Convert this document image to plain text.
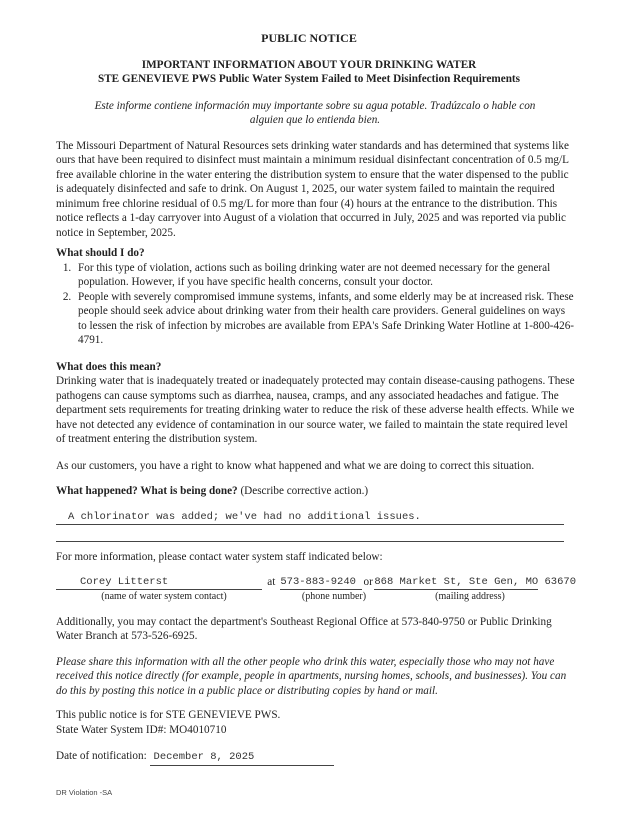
PUBLIC NOTICE
IMPORTANT INFORMATION ABOUT YOUR DRINKING WATER
STE GENEVIEVE PWS Public Water System Failed to Meet Disinfection Requirements

Este informe contiene información muy importante sobre su agua potable. Tradúzcalo o hable con alguien que lo entienda bien.

The Missouri Department of Natural Resources sets drinking water standards and has determined that systems like ours that have been required to disinfect must maintain a minimum residual disinfectant concentration of 0.5 mg/L free available chlorine in the water entering the distribution system to ensure that the water dispensed to the public is adequately disinfected and safe to drink. On August 1, 2025, our water system failed to maintain the required minimum free chlorine residual of 0.5 mg/L for more than four (4) hours at the entrance to the distribution. This notice reflects a 1-day carryover into August of a violation that occurred in July, 2025 and was reported via public notice in September, 2025.

What should I do?
1. For this type of violation, actions such as boiling drinking water are not deemed necessary for the general population. However, if you have specific health concerns, consult your doctor.
2. People with severely compromised immune systems, infants, and some elderly may be at increased risk. These people should seek advice about drinking water from their health care providers. General guidelines on ways to lessen the risk of infection by microbes are available from EPA's Safe Drinking Water Hotline at 1-800-426-4791.
What does this mean?

Drinking water that is inadequately treated or inadequately protected may contain disease-causing pathogens. These pathogens can cause symptoms such as diarrhea, nausea, cramps, and any associated headaches and fatigue. The department sets requirements for treating drinking water to reduce the risk of these adverse health effects. While we have not detected any evidence of contamination in our source water, we failed to maintain the state required level of treatment entering the distribution system.

As our customers, you have a right to know what happened and what we are doing to correct this situation.

What happened? What is being done? (Describe corrective action.)
A chlorinator was added; we've had no additional issues.
For more information, please contact water system staff indicated below:
Corey Litterst	at 573-883-9240 or 868 Market St, Ste Gen, MO 63670
(name of water system contact)	(phone number)	(mailing address)

Additionally, you may contact the department's Southeast Regional Office at 573-840-9750 or Public Drinking Water Branch at 573-526-6925.

Please share this information with all the other people who drink this water, especially those who may not have received this notice directly (for example, people in apartments, nursing homes, schools, and businesses). You can do this by posting this notice in a public place or distributing copies by hand or mail.

This public notice is for STE GENEVIEVE PWS.
State Water System ID#: MO4010710
Date of notification: December 8, 2025
DR Violation -SA
